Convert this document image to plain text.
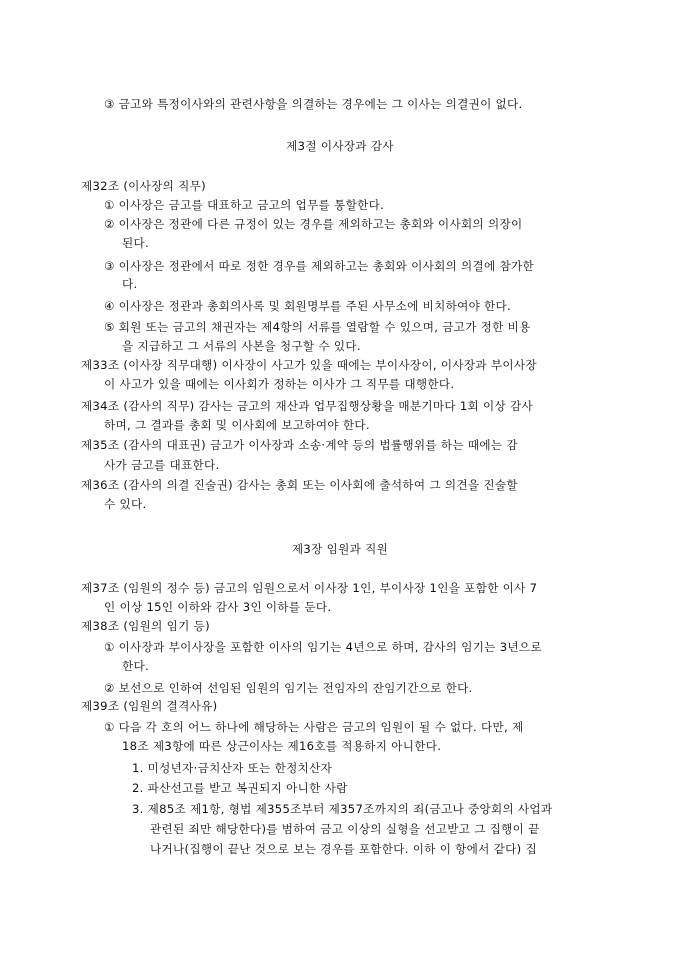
③ 금고와 특정이사와의 관련사항을 의결하는 경우에는 그 이사는 의결권이 없다.
제3절 이사장과 감사
제32조 (이사장의 직무)
① 이사장은 금고를 대표하고 금고의 업무를 통할한다.
② 이사장은 정관에 다른 규정이 있는 경우를 제외하고는 총회와 이사회의 의장이
된다.
③ 이사장은 정관에서 따로 정한 경우를 제외하고는 총회와 이사회의 의결에 참가한
다.
④ 이사장은 정관과 총회의사록 및 회원명부를 주된 사무소에 비치하여야 한다.
⑤ 회원 또는 금고의 채권자는 제4항의 서류를 열람할 수 있으며, 금고가 정한 비용
을 지급하고 그 서류의 사본을 청구할 수 있다.
제33조 (이사장 직무대행) 이사장이 사고가 있을 때에는 부이사장이, 이사장과 부이사장
이 사고가 있을 때에는 이사회가 정하는 이사가 그 직무를 대행한다.
제34조 (감사의 직무) 감사는 금고의 재산과 업무집행상황을 매분기마다 1회 이상 감사
하며, 그 결과를 총회 및 이사회에 보고하여야 한다.
제35조 (감사의 대표권) 금고가 이사장과 소송·계약 등의 법률행위를 하는 때에는 감
사가 금고를 대표한다.
제36조 (감사의 의결 진술권) 감사는 총회 또는 이사회에 출석하여 그 의견을 진술할
수 있다.
제3장 임원과 직원
제37조 (임원의 정수 등) 금고의 임원으로서 이사장 1인, 부이사장 1인을 포함한 이사 7
인 이상 15인 이하와 감사 3인 이하를 둔다.
제38조 (임원의 임기 등)
① 이사장과 부이사장을 포함한 이사의 임기는 4년으로 하며, 감사의 임기는 3년으로
한다.
② 보선으로 인하여 선임된 임원의 임기는 전임자의 잔임기간으로 한다.
제39조 (임원의 결격사유)
① 다음 각 호의 어느 하나에 해당하는 사람은 금고의 임원이 될 수 없다. 다만, 제
18조 제3항에 따른 상근이사는 제16호를 적용하지 아니한다.
1. 미성년자·금치산자 또는 한정치산자
2. 파산선고를 받고 복권되지 아니한 사람
3. 제85조 제1항, 형법 제355조부터 제357조까지의 죄(금고나 중앙회의 사업과
관련된 죄만 해당한다)를 범하여 금고 이상의 실형을 선고받고 그 집행이 끝
나거나(집행이 끝난 것으로 보는 경우를 포함한다. 이하 이 항에서 같다) 집
